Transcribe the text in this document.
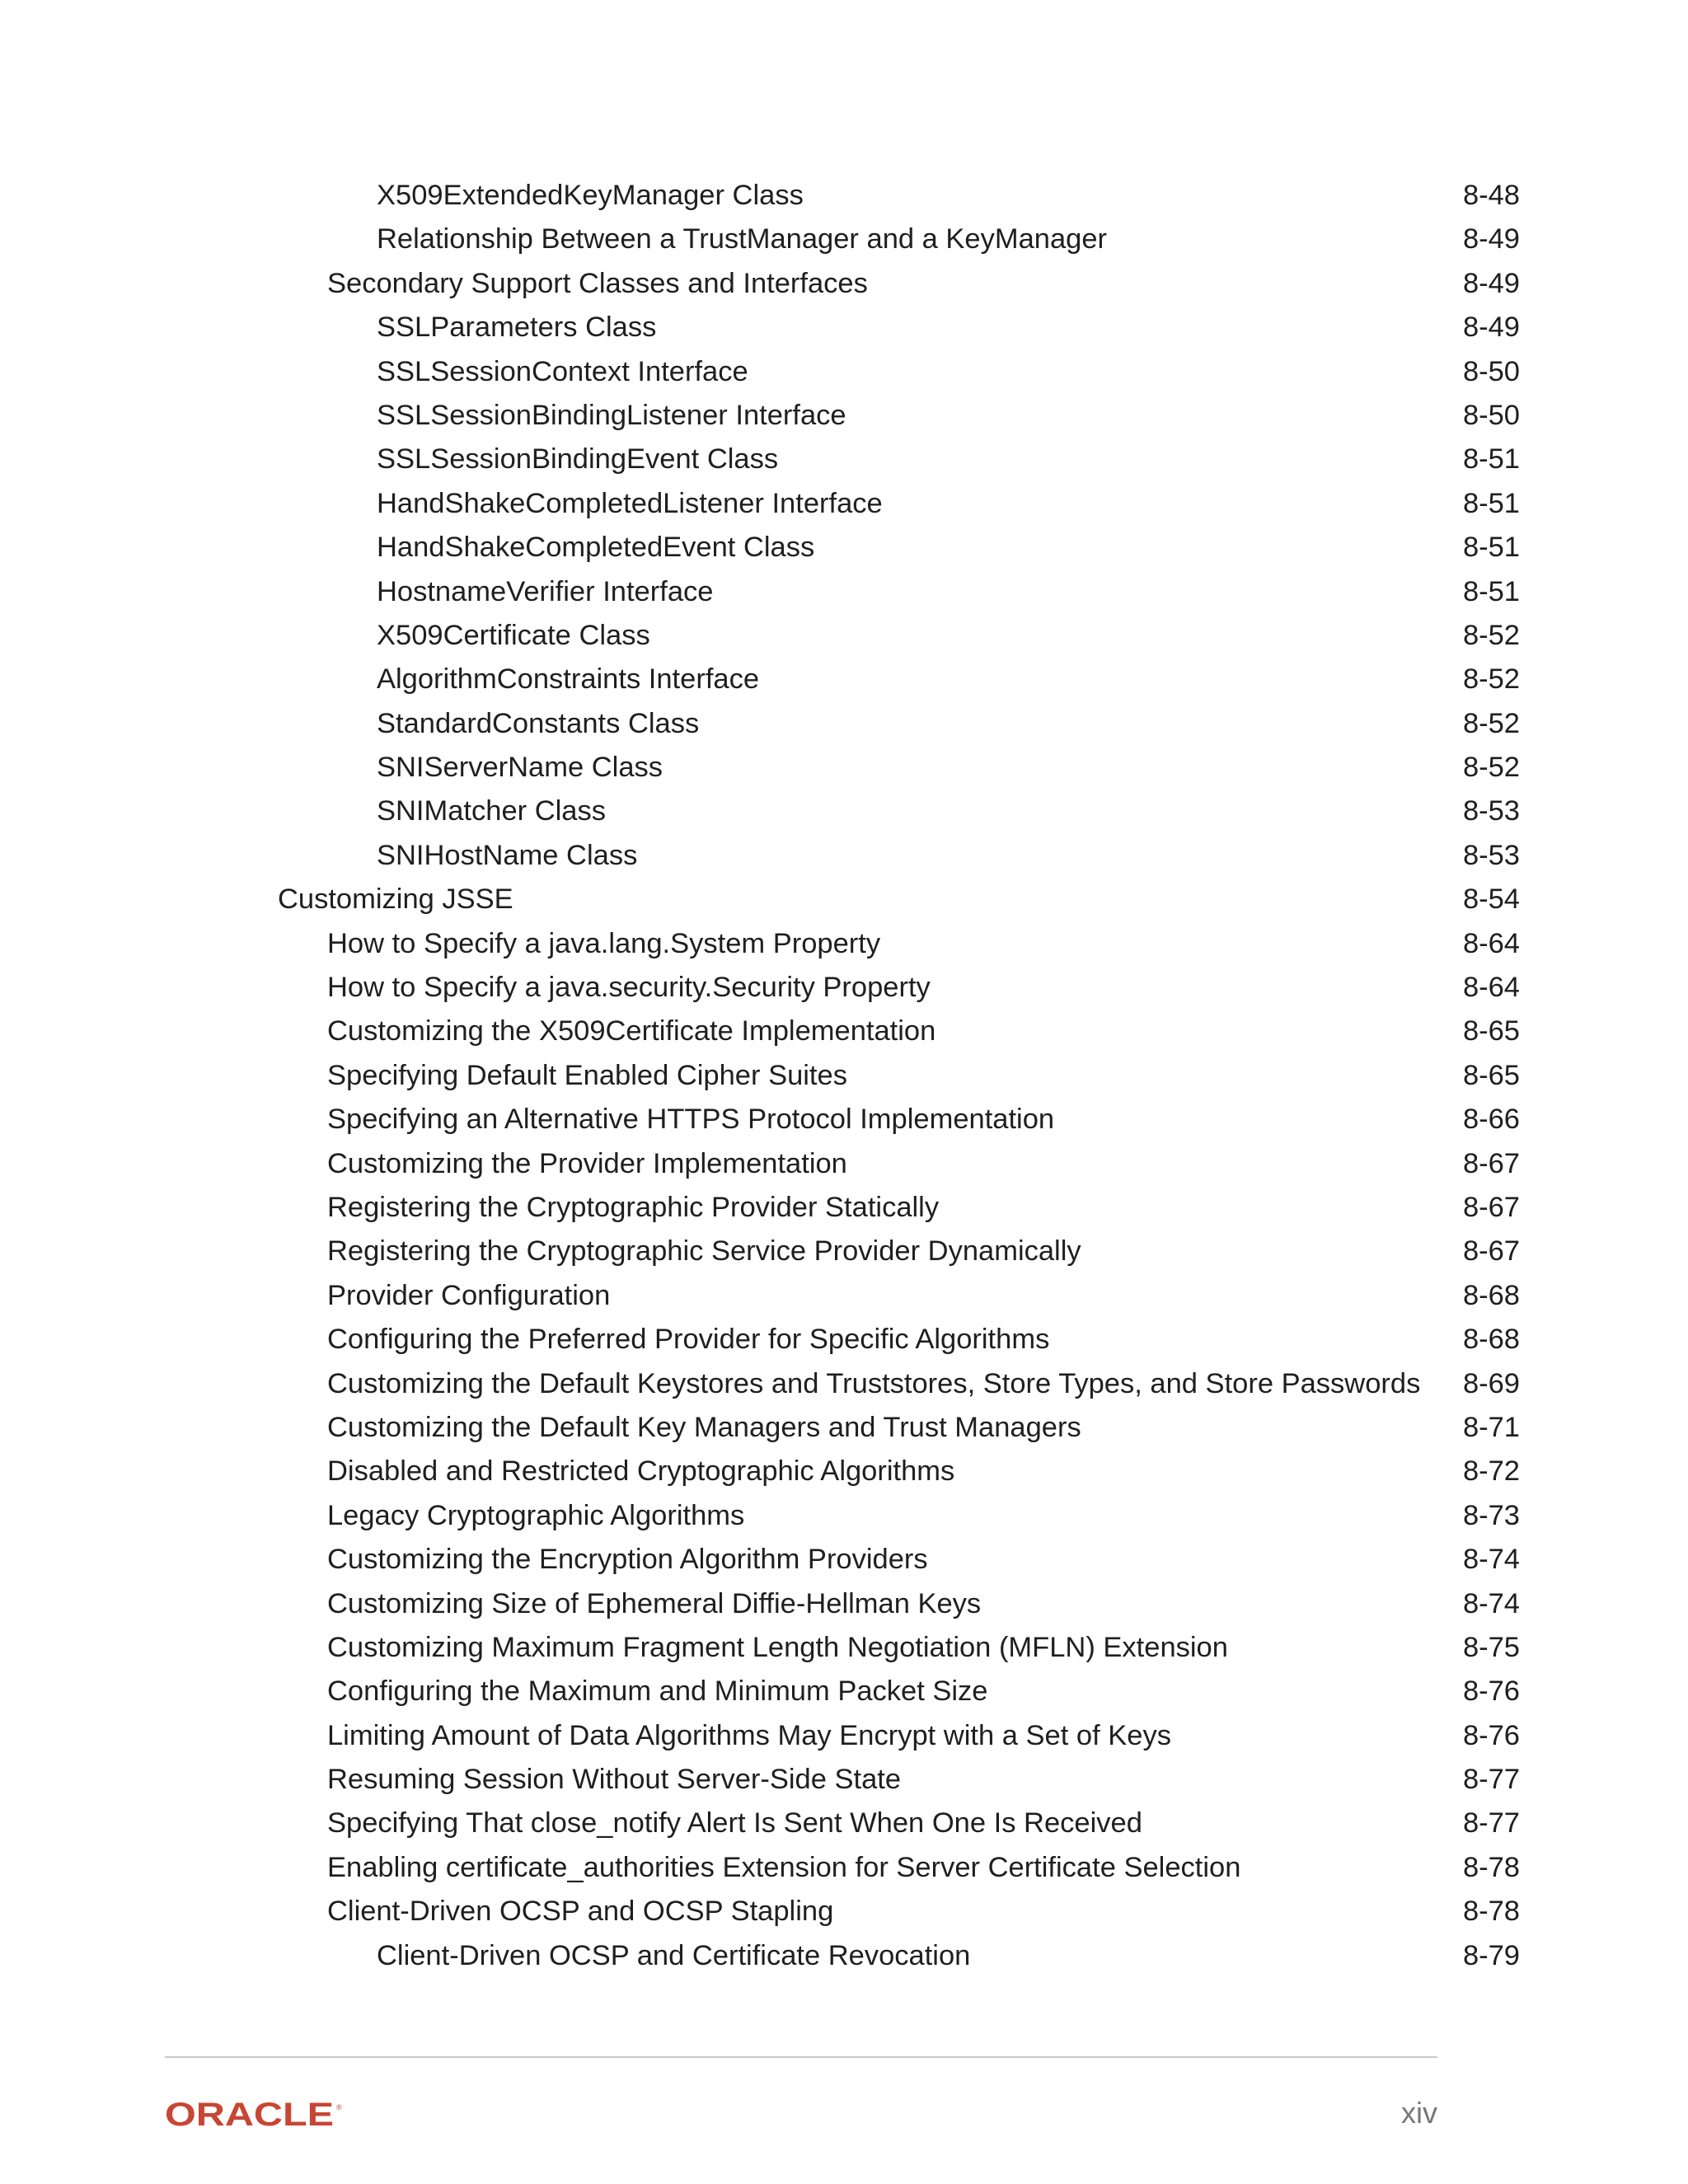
X509ExtendedKeyManager Class	8-48
Relationship Between a TrustManager and a KeyManager	8-49
Secondary Support Classes and Interfaces	8-49
SSLParameters Class	8-49
SSLSessionContext Interface	8-50
SSLSessionBindingListener Interface	8-50
SSLSessionBindingEvent Class	8-51
HandShakeCompletedListener Interface	8-51
HandShakeCompletedEvent Class	8-51
HostnameVerifier Interface	8-51
X509Certificate Class	8-52
AlgorithmConstraints Interface	8-52
StandardConstants Class	8-52
SNIServerName Class	8-52
SNIMatcher Class	8-53
SNIHostName Class	8-53
Customizing JSSE	8-54
How to Specify a java.lang.System Property	8-64
How to Specify a java.security.Security Property	8-64
Customizing the X509Certificate Implementation	8-65
Specifying Default Enabled Cipher Suites	8-65
Specifying an Alternative HTTPS Protocol Implementation	8-66
Customizing the Provider Implementation	8-67
Registering the Cryptographic Provider Statically	8-67
Registering the Cryptographic Service Provider Dynamically	8-67
Provider Configuration	8-68
Configuring the Preferred Provider for Specific Algorithms	8-68
Customizing the Default Keystores and Truststores, Store Types, and Store Passwords 8-69
Customizing the Default Key Managers and Trust Managers	8-71
Disabled and Restricted Cryptographic Algorithms	8-72
Legacy Cryptographic Algorithms	8-73
Customizing the Encryption Algorithm Providers	8-74
Customizing Size of Ephemeral Diffie-Hellman Keys	8-74
Customizing Maximum Fragment Length Negotiation (MFLN) Extension	8-75
Configuring the Maximum and Minimum Packet Size	8-76
Limiting Amount of Data Algorithms May Encrypt with a Set of Keys	8-76
Resuming Session Without Server-Side State	8-77
Specifying That close_notify Alert Is Sent When One Is Received	8-77
Enabling certificate_authorities Extension for Server Certificate Selection	8-78
Client-Driven OCSP and OCSP Stapling	8-78
Client-Driven OCSP and Certificate Revocation	8-79
ORACLE ®	xiv
